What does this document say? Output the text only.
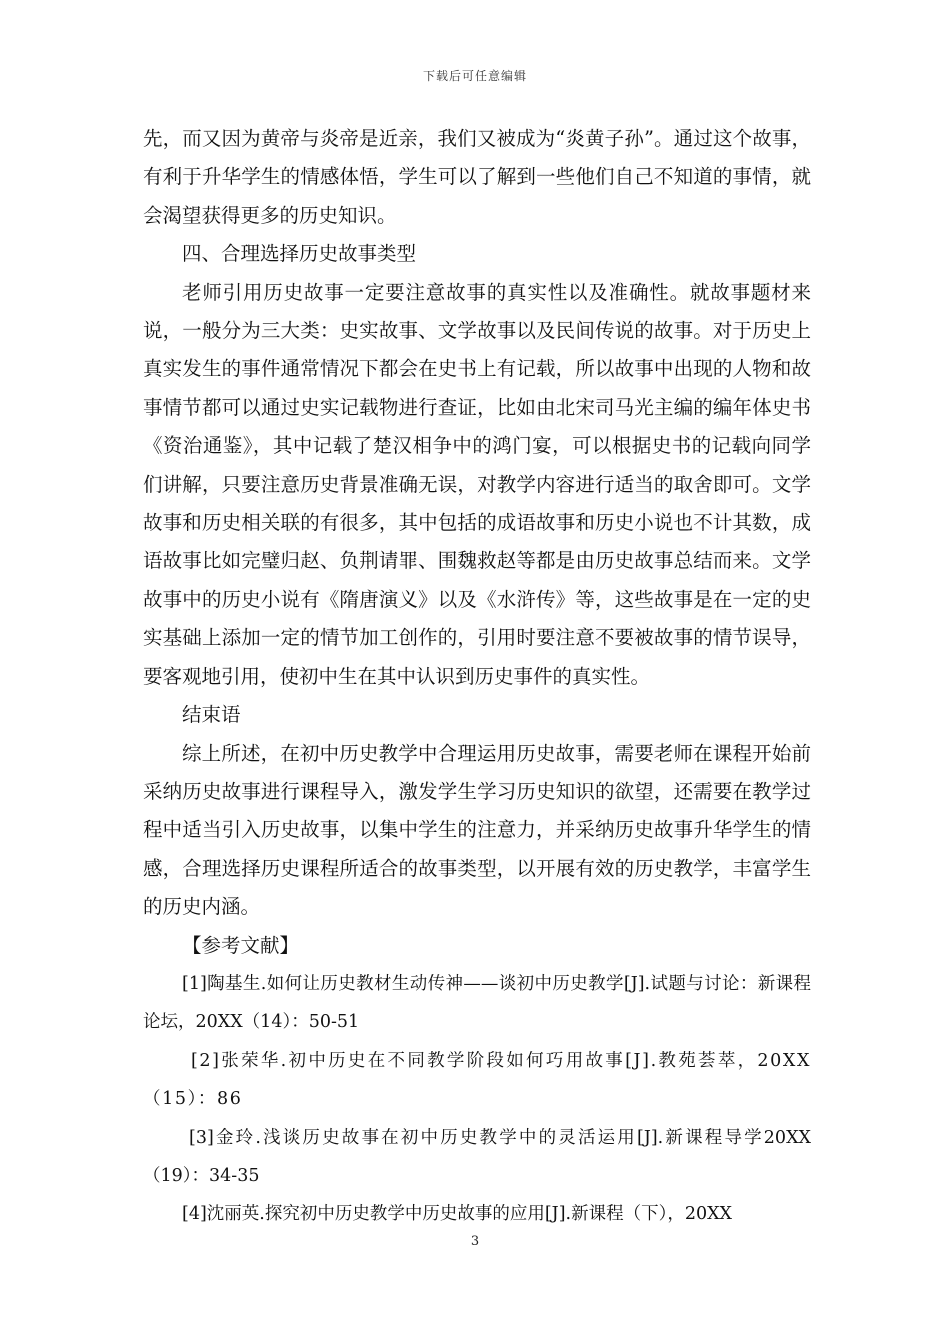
下载后可任意编辑

先，而又因为黄帝与炎帝是近亲，我们又被成为“炎黄子孙”。通过这个故事，有利于升华学生的情感体悟，学生可以了解到一些他们自己不知道的事情，就会渴望获得更多的历史知识。

四、合理选择历史故事类型

老师引用历史故事一定要注意故事的真实性以及准确性。就故事题材来说，一般分为三大类：史实故事、文学故事以及民间传说的故事。对于历史上真实发生的事件通常情况下都会在史书上有记载，所以故事中出现的人物和故事情节都可以通过史实记载物进行查证，比如由北宋司马光主编的编年体史书《资治通鉴》，其中记载了楚汉相争中的鸿门宴，可以根据史书的记载向同学们讲解，只要注意历史背景准确无误，对教学内容进行适当的取舍即可。文学故事和历史相关联的有很多，其中包括的成语故事和历史小说也不计其数，成语故事比如完璧归赵、负荆请罪、围魏救赵等都是由历史故事总结而来。文学故事中的历史小说有《隋唐演义》以及《水浒传》等，这些故事是在一定的史实基础上添加一定的情节加工创作的，引用时要注意不要被故事的情节误导，要客观地引用，使初中生在其中认识到历史事件的真实性。

结束语

综上所述，在初中历史教学中合理运用历史故事，需要老师在课程开始前采纳历史故事进行课程导入，激发学生学习历史知识的欲望，还需要在教学过程中适当引入历史故事，以集中学生的注意力，并采纳历史故事升华学生的情感，合理选择历史课程所适合的故事类型，以开展有效的历史教学，丰富学生的历史内涵。

【参考文献】

[1]陶基生.如何让历史教材生动传神——谈初中历史教学[J].试题与讨论：新课程论坛，20XX（14）：50-51

[2]张荣华.初中历史在不同教学阶段如何巧用故事[J].教苑荟萃，20XX（15）：86

[3]金玲.浅谈历史故事在初中历史教学中的灵活运用[J].新课程导学20XX（19）：34-35

[4]沈丽英.探究初中历史教学中历史故事的应用[J].新课程（下），20XX

3
